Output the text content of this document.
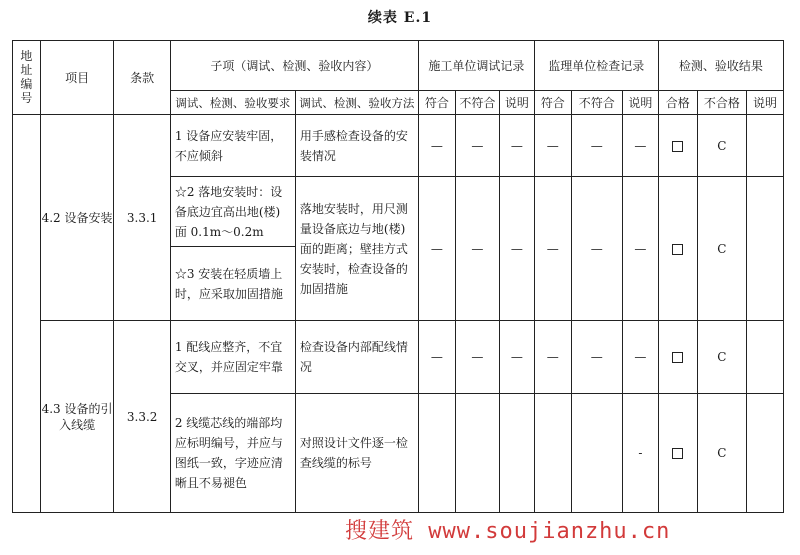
续表 E.1
地址编号	项目	条款	子项（调试、检测、验收内容）		施工单位调试记录			监理单位检查记录			检测、验收结果		
			调试、检测、验收要求	调试、检测、验收方法	符合	不符合	说明	符合	不符合	说明	合格	不合格	说明
	4.2 设备安装	3.3.1	1 设备应安装牢固，不应倾斜	用手感检查设备的安装情况	—	—	—	—	—	—		C	
			☆2 落地安装时：设备底边宜高出地(楼)面 0.1m～0.2m	落地安装时，用尺测量设备底边与地(楼)面的距离；壁挂方式安装时，检查设备的加固措施	—	—	—	—	—	—		C	
			☆3 安装在轻质墙上时，应采取加固措施										
	4.3 设备的引入线缆	3.3.2	1 配线应整齐，不宜交叉，并应固定牢靠	检查设备内部配线情况	—	—	—	—	—	—		C	
			2 线缆芯线的端部均应标明编号，并应与图纸一致，字迹应清晰且不易褪色	对照设计文件逐一检查线缆的标号						-		C	
搜建筑 www.soujianzhu.cn
